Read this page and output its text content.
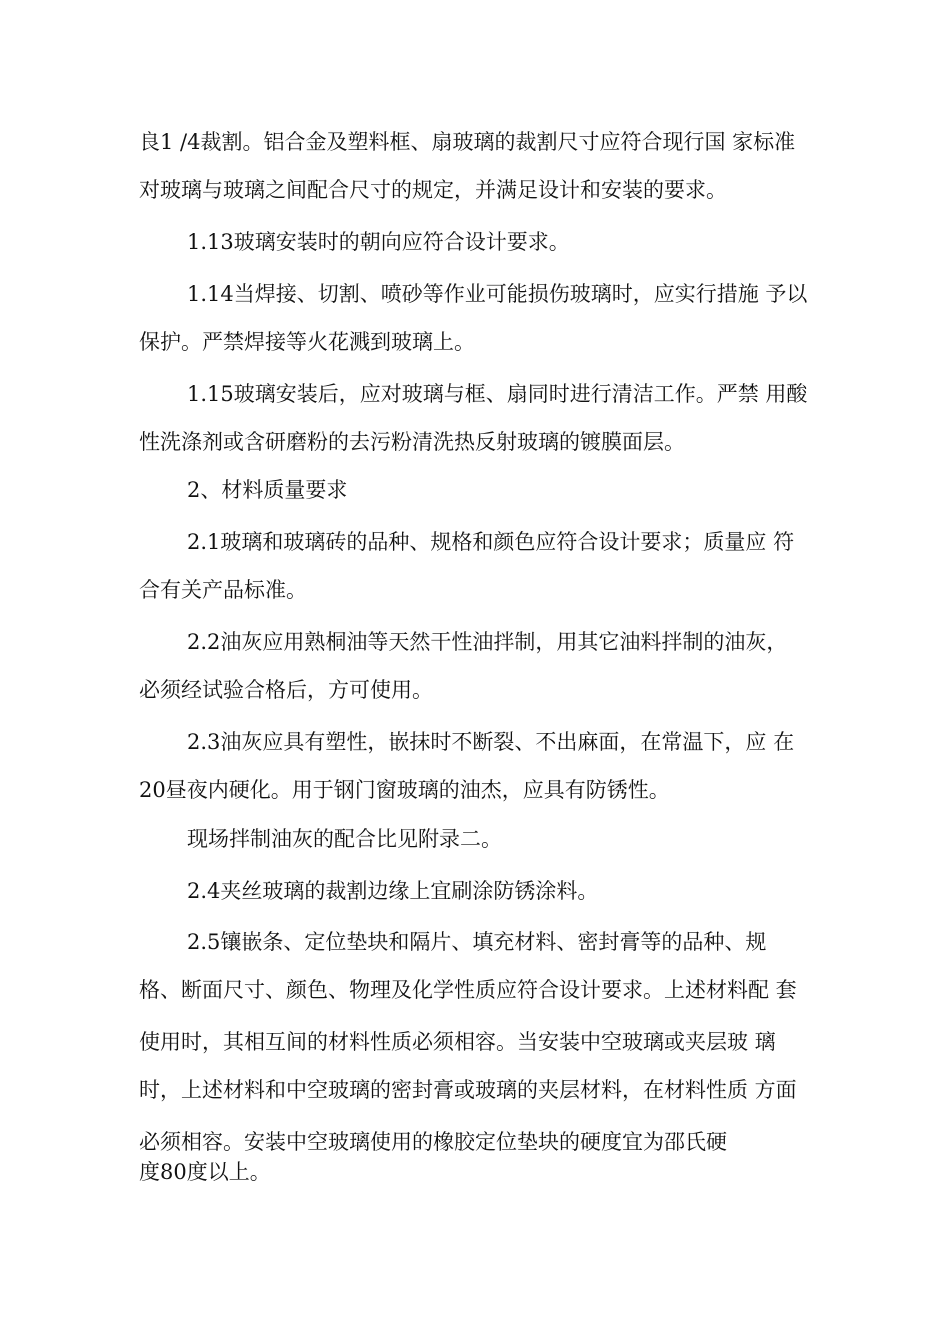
良1 /4裁割。铝合金及塑料框、扇玻璃的裁割尺寸应符合现行国 家标准
对玻璃与玻璃之间配合尺寸的规定，并满足设计和安装的要求。
1.13玻璃安装时的朝向应符合设计要求。
1.14当焊接、切割、喷砂等作业可能损伤玻璃时，应实行措施 予以
保护。严禁焊接等火花溅到玻璃上。
1.15玻璃安装后，应对玻璃与框、扇同时进行清洁工作。严禁 用酸
性洗涤剂或含研磨粉的去污粉清洗热反射玻璃的镀膜面层。
2、材料质量要求
2.1玻璃和玻璃砖的品种、规格和颜色应符合设计要求；质量应 符
合有关产品标准。
2.2油灰应用熟桐油等天然干性油拌制，用其它油料拌制的油灰，
必须经试验合格后，方可使用。
2.3油灰应具有塑性，嵌抹时不断裂、不出麻面，在常温下，应 在
20昼夜内硬化。用于钢门窗玻璃的油杰，应具有防锈性。
现场拌制油灰的配合比见附录二。
2.4夹丝玻璃的裁割边缘上宜刷涂防锈涂料。
2.5镶嵌条、定位垫块和隔片、填充材料、密封膏等的品种、规
格、断面尺寸、颜色、物理及化学性质应符合设计要求。上述材料配 套
使用时，其相互间的材料性质必须相容。当安装中空玻璃或夹层玻 璃
时，上述材料和中空玻璃的密封膏或玻璃的夹层材料，在材料性质 方面
必须相容。安装中空玻璃使用的橡胶定位垫块的硬度宜为邵氏硬
度80度以上。
